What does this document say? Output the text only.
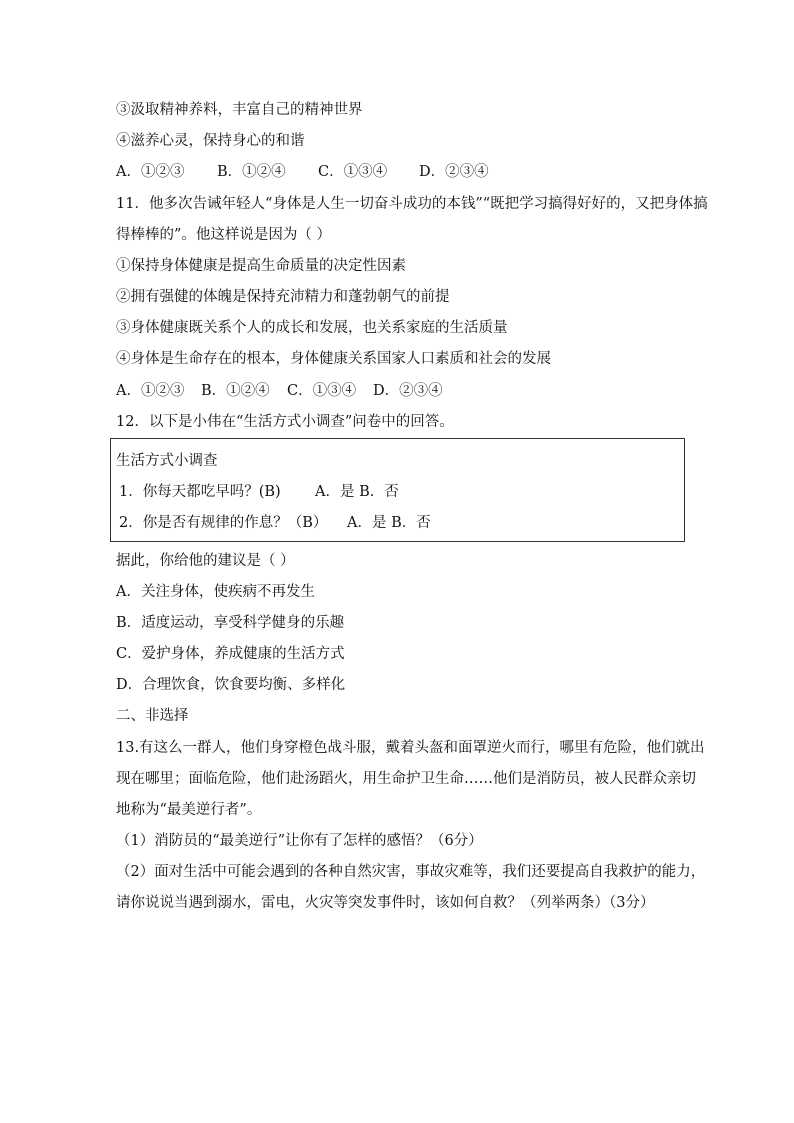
③汲取精神养料，丰富自己的精神世界
④滋养心灵，保持身心的和谐
A．①②③ B．①②④ C．①③④ D．②③④
11．他多次告诫年轻人“身体是人生一切奋斗成功的本钱”“既把学习搞得好好的，又把身体搞
得棒棒的”。他这样说是因为（ ）
①保持身体健康是提高生命质量的决定性因素
②拥有强健的体魄是保持充沛精力和蓬勃朝气的前提
③身体健康既关系个人的成长和发展，也关系家庭的生活质量
④身体是生命存在的根本，身体健康关系国家人口素质和社会的发展
A．①②③ B．①②④ C．①③④ D．②③④
12．以下是小伟在“生活方式小调查”问卷中的回答。
生活方式小调查
1．你每天都吃早吗？(B) A．是 B．否
2．你是否有规律的作息？（B） A．是 B．否
据此，你给他的建议是（ ）
A．关注身体，使疾病不再发生
B．适度运动，享受科学健身的乐趣
C．爱护身体，养成健康的生活方式
D．合理饮食，饮食要均衡、多样化
二、非选择
13.有这么一群人，他们身穿橙色战斗服，戴着头盔和面罩逆火而行，哪里有危险，他们就出
现在哪里；面临危险，他们赴汤蹈火，用生命护卫生命……他们是消防员，被人民群众亲切
地称为“最美逆行者”。
（1）消防员的“最美逆行”让你有了怎样的感悟？（6分）
（2）面对生活中可能会遇到的各种自然灾害，事故灾难等，我们还要提高自我救护的能力，
请你说说当遇到溺水，雷电，火灾等突发事件时，该如何自救？（列举两条）（3分）
